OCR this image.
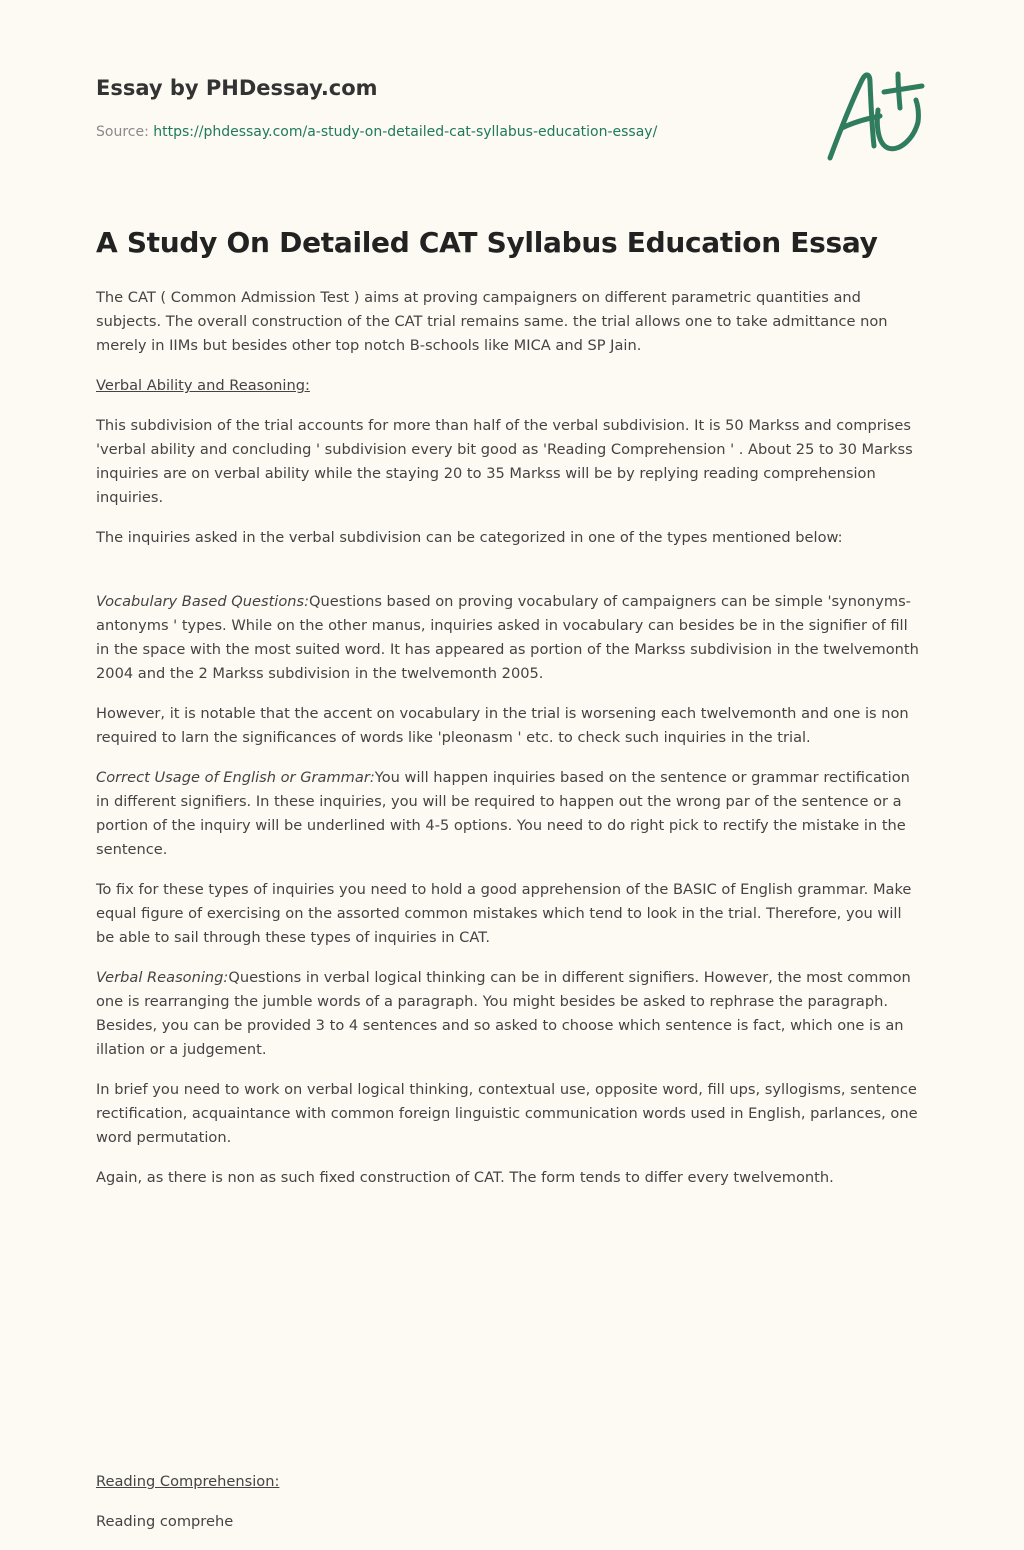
Essay by PHDessay.com

Source: https://phdessay.com/a-study-on-detailed-cat-syllabus-education-essay/

A Study On Detailed CAT Syllabus Education Essay

The CAT ( Common Admission Test ) aims at proving campaigners on different parametric quantities and subjects. The overall construction of the CAT trial remains same. the trial allows one to take admittance non merely in IIMs but besides other top notch B-schools like MICA and SP Jain.

Verbal Ability and Reasoning:

This subdivision of the trial accounts for more than half of the verbal subdivision. It is 50 Markss and comprises 'verbal ability and concluding ' subdivision every bit good as 'Reading Comprehension ' . About 25 to 30 Markss inquiries are on verbal ability while the staying 20 to 35 Markss will be by replying reading comprehension inquiries.

The inquiries asked in the verbal subdivision can be categorized in one of the types mentioned below:

Vocabulary Based Questions:Questions based on proving vocabulary of campaigners can be simple 'synonyms-antonyms ' types. While on the other manus, inquiries asked in vocabulary can besides be in the signifier of fill in the space with the most suited word. It has appeared as portion of the Markss subdivision in the twelvemonth 2004 and the 2 Markss subdivision in the twelvemonth 2005.

However, it is notable that the accent on vocabulary in the trial is worsening each twelvemonth and one is non required to larn the significances of words like 'pleonasm ' etc. to check such inquiries in the trial.

Correct Usage of English or Grammar:You will happen inquiries based on the sentence or grammar rectification in different signifiers. In these inquiries, you will be required to happen out the wrong par of the sentence or a portion of the inquiry will be underlined with 4-5 options. You need to do right pick to rectify the mistake in the sentence.

To fix for these types of inquiries you need to hold a good apprehension of the BASIC of English grammar. Make equal figure of exercising on the assorted common mistakes which tend to look in the trial. Therefore, you will be able to sail through these types of inquiries in CAT.

Verbal Reasoning:Questions in verbal logical thinking can be in different signifiers. However, the most common one is rearranging the jumble words of a paragraph. You might besides be asked to rephrase the paragraph. Besides, you can be provided 3 to 4 sentences and so asked to choose which sentence is fact, which one is an illation or a judgement.

In brief you need to work on verbal logical thinking, contextual use, opposite word, fill ups, syllogisms, sentence rectification, acquaintance with common foreign linguistic communication words used in English, parlances, one word permutation.

Again, as there is non as such fixed construction of CAT. The form tends to differ every twelvemonth.

Reading Comprehension:

Reading comprehe
